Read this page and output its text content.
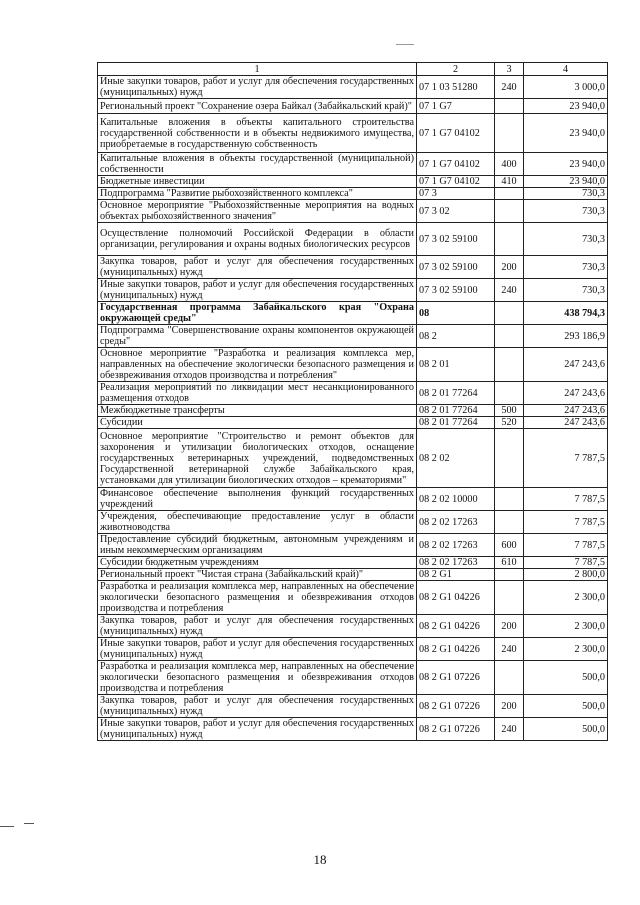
1	2	3	4
Иные закупки товаров, работ и услуг для обеспечения государственных (муниципальных) нужд	07 1 03 51280	240	3 000,0
Региональный проект "Сохранение озера Байкал (Забайкальский край)"	07 1 G7		23 940,0
Капитальные вложения в объекты капитального строительства государственной собственности и в объекты недвижимого имущества, приобретаемые в государственную собственность	07 1 G7 04102		23 940,0
Капитальные вложения в объекты государственной (муниципальной) собственности	07 1 G7 04102	400	23 940,0
Бюджетные инвестиции	07 1 G7 04102	410	23 940,0
Подпрограмма "Развитие рыбохозяйственного комплекса"	07 3		730,3
Основное мероприятие "Рыбохозяйственные мероприятия на водных объектах рыбохозяйственного значения"	07 3 02		730,3
Осуществление полномочий Российской Федерации в области организации, регулирования и охраны водных биологических ресурсов	07 3 02 59100		730,3
Закупка товаров, работ и услуг для обеспечения государственных (муниципальных) нужд	07 3 02 59100	200	730,3
Иные закупки товаров, работ и услуг для обеспечения государственных (муниципальных) нужд	07 3 02 59100	240	730,3
Государственная программа Забайкальского края "Охрана окружающей среды"	08		438 794,3
Подпрограмма "Совершенствование охраны компонентов окружающей среды"	08 2		293 186,9
Основное мероприятие "Разработка и реализация комплекса мер, направленных на обеспечение экологически безопасного размещения и обезвреживания отходов производства и потребления"	08 2 01		247 243,6
Реализация мероприятий по ликвидации мест несанкционированного размещения отходов	08 2 01 77264		247 243,6
Межбюджетные трансферты	08 2 01 77264	500	247 243,6
Субсидии	08 2 01 77264	520	247 243,6
Основное мероприятие "Строительство и ремонт объектов для захоронения и утилизации биологических отходов, оснащение государственных ветеринарных учреждений, подведомственных Государственной ветеринарной службе Забайкальского края, установками для утилизации биологических отходов – крематориями"	08 2 02		7 787,5
Финансовое обеспечение выполнения функций государственных учреждений	08 2 02 10000		7 787,5
Учреждения, обеспечивающие предоставление услуг в области животноводства	08 2 02 17263		7 787,5
Предоставление субсидий бюджетным, автономным учреждениям и иным некоммерческим организациям	08 2 02 17263	600	7 787,5
Субсидии бюджетным учреждениям	08 2 02 17263	610	7 787,5
Региональный проект "Чистая страна (Забайкальский край)"	08 2 G1		2 800,0
Разработка и реализация комплекса мер, направленных на обеспечение экологически безопасного размещения и обезвреживания отходов производства и потребления	08 2 G1 04226		2 300,0
Закупка товаров, работ и услуг для обеспечения государственных (муниципальных) нужд	08 2 G1 04226	200	2 300,0
Иные закупки товаров, работ и услуг для обеспечения государственных (муниципальных) нужд	08 2 G1 04226	240	2 300,0
Разработка и реализация комплекса мер, направленных на обеспечение экологически безопасного размещения и обезвреживания отходов производства и потребления	08 2 G1 07226		500,0
Закупка товаров, работ и услуг для обеспечения государственных (муниципальных) нужд	08 2 G1 07226	200	500,0
Иные закупки товаров, работ и услуг для обеспечения государственных (муниципальных) нужд	08 2 G1 07226	240	500,0
18
